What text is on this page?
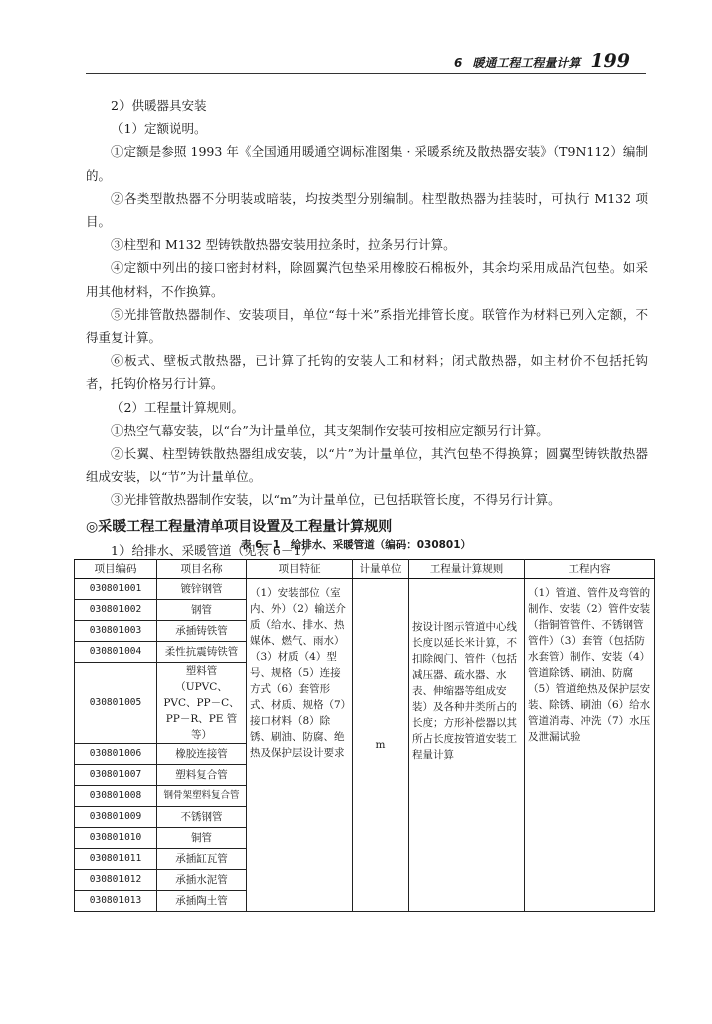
6 暖通工程工程量计算 199

2）供暖器具安装

（1）定额说明。

①定额是参照 1993 年《全国通用暖通空调标准图集 · 采暖系统及散热器安装》（T9N112）编制的。

②各类型散热器不分明装或暗装，均按类型分别编制。柱型散热器为挂装时，可执行 M132 项目。

③柱型和 M132 型铸铁散热器安装用拉条时，拉条另行计算。

④定额中列出的接口密封材料，除圆翼汽包垫采用橡胶石棉板外，其余均采用成品汽包垫。如采用其他材料，不作换算。

⑤光排管散热器制作、安装项目，单位“每十米”系指光排管长度。联管作为材料已列入定额，不得重复计算。

⑥板式、壁板式散热器，已计算了托钩的安装人工和材料；闭式散热器，如主材价不包括托钩者，托钩价格另行计算。

（2）工程量计算规则。

①热空气幕安装，以“台”为计量单位，其支架制作安装可按相应定额另行计算。

②长翼、柱型铸铁散热器组成安装，以“片”为计量单位，其汽包垫不得换算；圆翼型铸铁散热器组成安装，以“节”为计量单位。

③光排管散热器制作安装，以“m”为计量单位，已包括联管长度，不得另行计算。

◎采暖工程工程量清单项目设置及工程量计算规则

1）给排水、采暖管道（见表 6－1）

表 6－1　给排水、采暖管道（编码：030801）
项目编码	项目名称	项目特征	计量单位	工程量计算规则	工程内容
030801001	镀锌钢管	（1）安装部位（室内、外）（2）输送介质（给水、排水、热媒体、燃气、雨水）（3）材质（4）型号、规格（5）连接方式（6）套管形式、材质、规格（7）接口材料（8）除锈、刷油、防腐、绝热及保护层设计要求	m	按设计图示管道中心线长度以延长米计算，不扣除阀门、管件（包括减压器、疏水器、水表、伸缩器等组成安装）及各种井类所占的长度；方形补偿器以其所占长度按管道安装工程量计算	（1）管道、管件及弯管的制作、安装（2）管件安装（指铜管管件、不锈钢管管件）（3）套管（包括防水套管）制作、安装（4）管道除锈、刷油、防腐（5）管道绝热及保护层安装、除锈、刷油（6）给水管道消毒、冲洗（7）水压及泄漏试验
030801002	钢管				
030801003	承插铸铁管				
030801004	柔性抗震铸铁管				
030801005	塑料管（UPVC、PVC、PP－C、PP－R、PE 管等）				
030801006	橡胶连接管				
030801007	塑料复合管				
030801008	钢骨架塑料复合管				
030801009	不锈钢管				
030801010	铜管				
030801011	承插缸瓦管				
030801012	承插水泥管				
030801013	承插陶土管				
